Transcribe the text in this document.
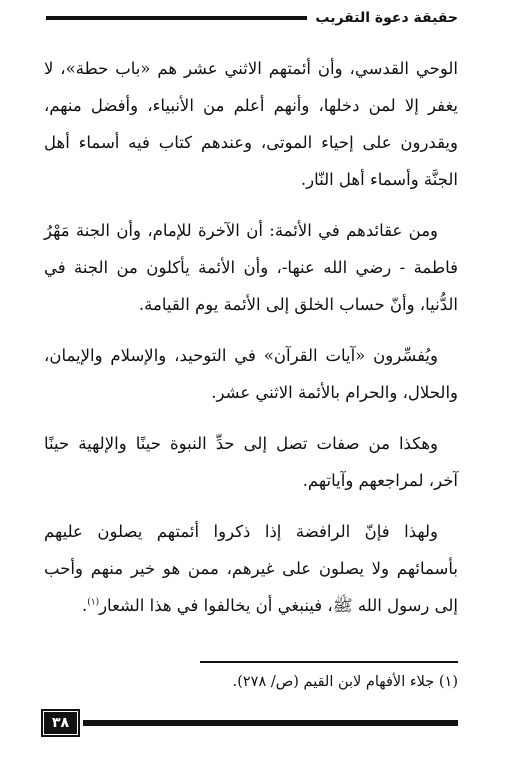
حقيقة دعوة التقريب

الوحي القدسي، وأن أئمتهم الاثني عشر هم «باب حطة»، لا يغفر إلا لمن دخلها، وأنهم أعلم من الأنبياء، وأفضل منهم، ويقدرون على إحياء الموتى، وعندهم كتاب فيه أسماء أهل الجنَّة وأسماء أهل النّار.

ومن عقائدهم في الأئمة: أن الآخرة للإمام، وأن الجنة مَهْرُ فاطمة - رضي الله عنها-، وأن الأئمة يأكلون من الجنة في الدُّنيا، وأنّ حساب الخلق إلى الأئمة يوم القيامة.

ويُفسِّرون «آيات القرآن» في التوحيد، والإسلام والإيمان، والحلال، والحرام بالأئمة الاثني عشر.

وهكذا من صفات تصل إلى حدِّ النبوة حينًا والإلهية حينًا آخر، لمراجعهم وآياتهم.

ولهذا فإنّ الرافضة إذا ذكروا أئمتهم يصلون عليهم بأسمائهم ولا يصلون على غيرهم، ممن هو خير منهم وأحب إلى رسول الله ﷺ، فينبغي أن يخالفوا في هذا الشعار$^{(١)}$.

(١) جلاء الأفهام لابن القيم (ص/ ٢٧٨).
٣٨
